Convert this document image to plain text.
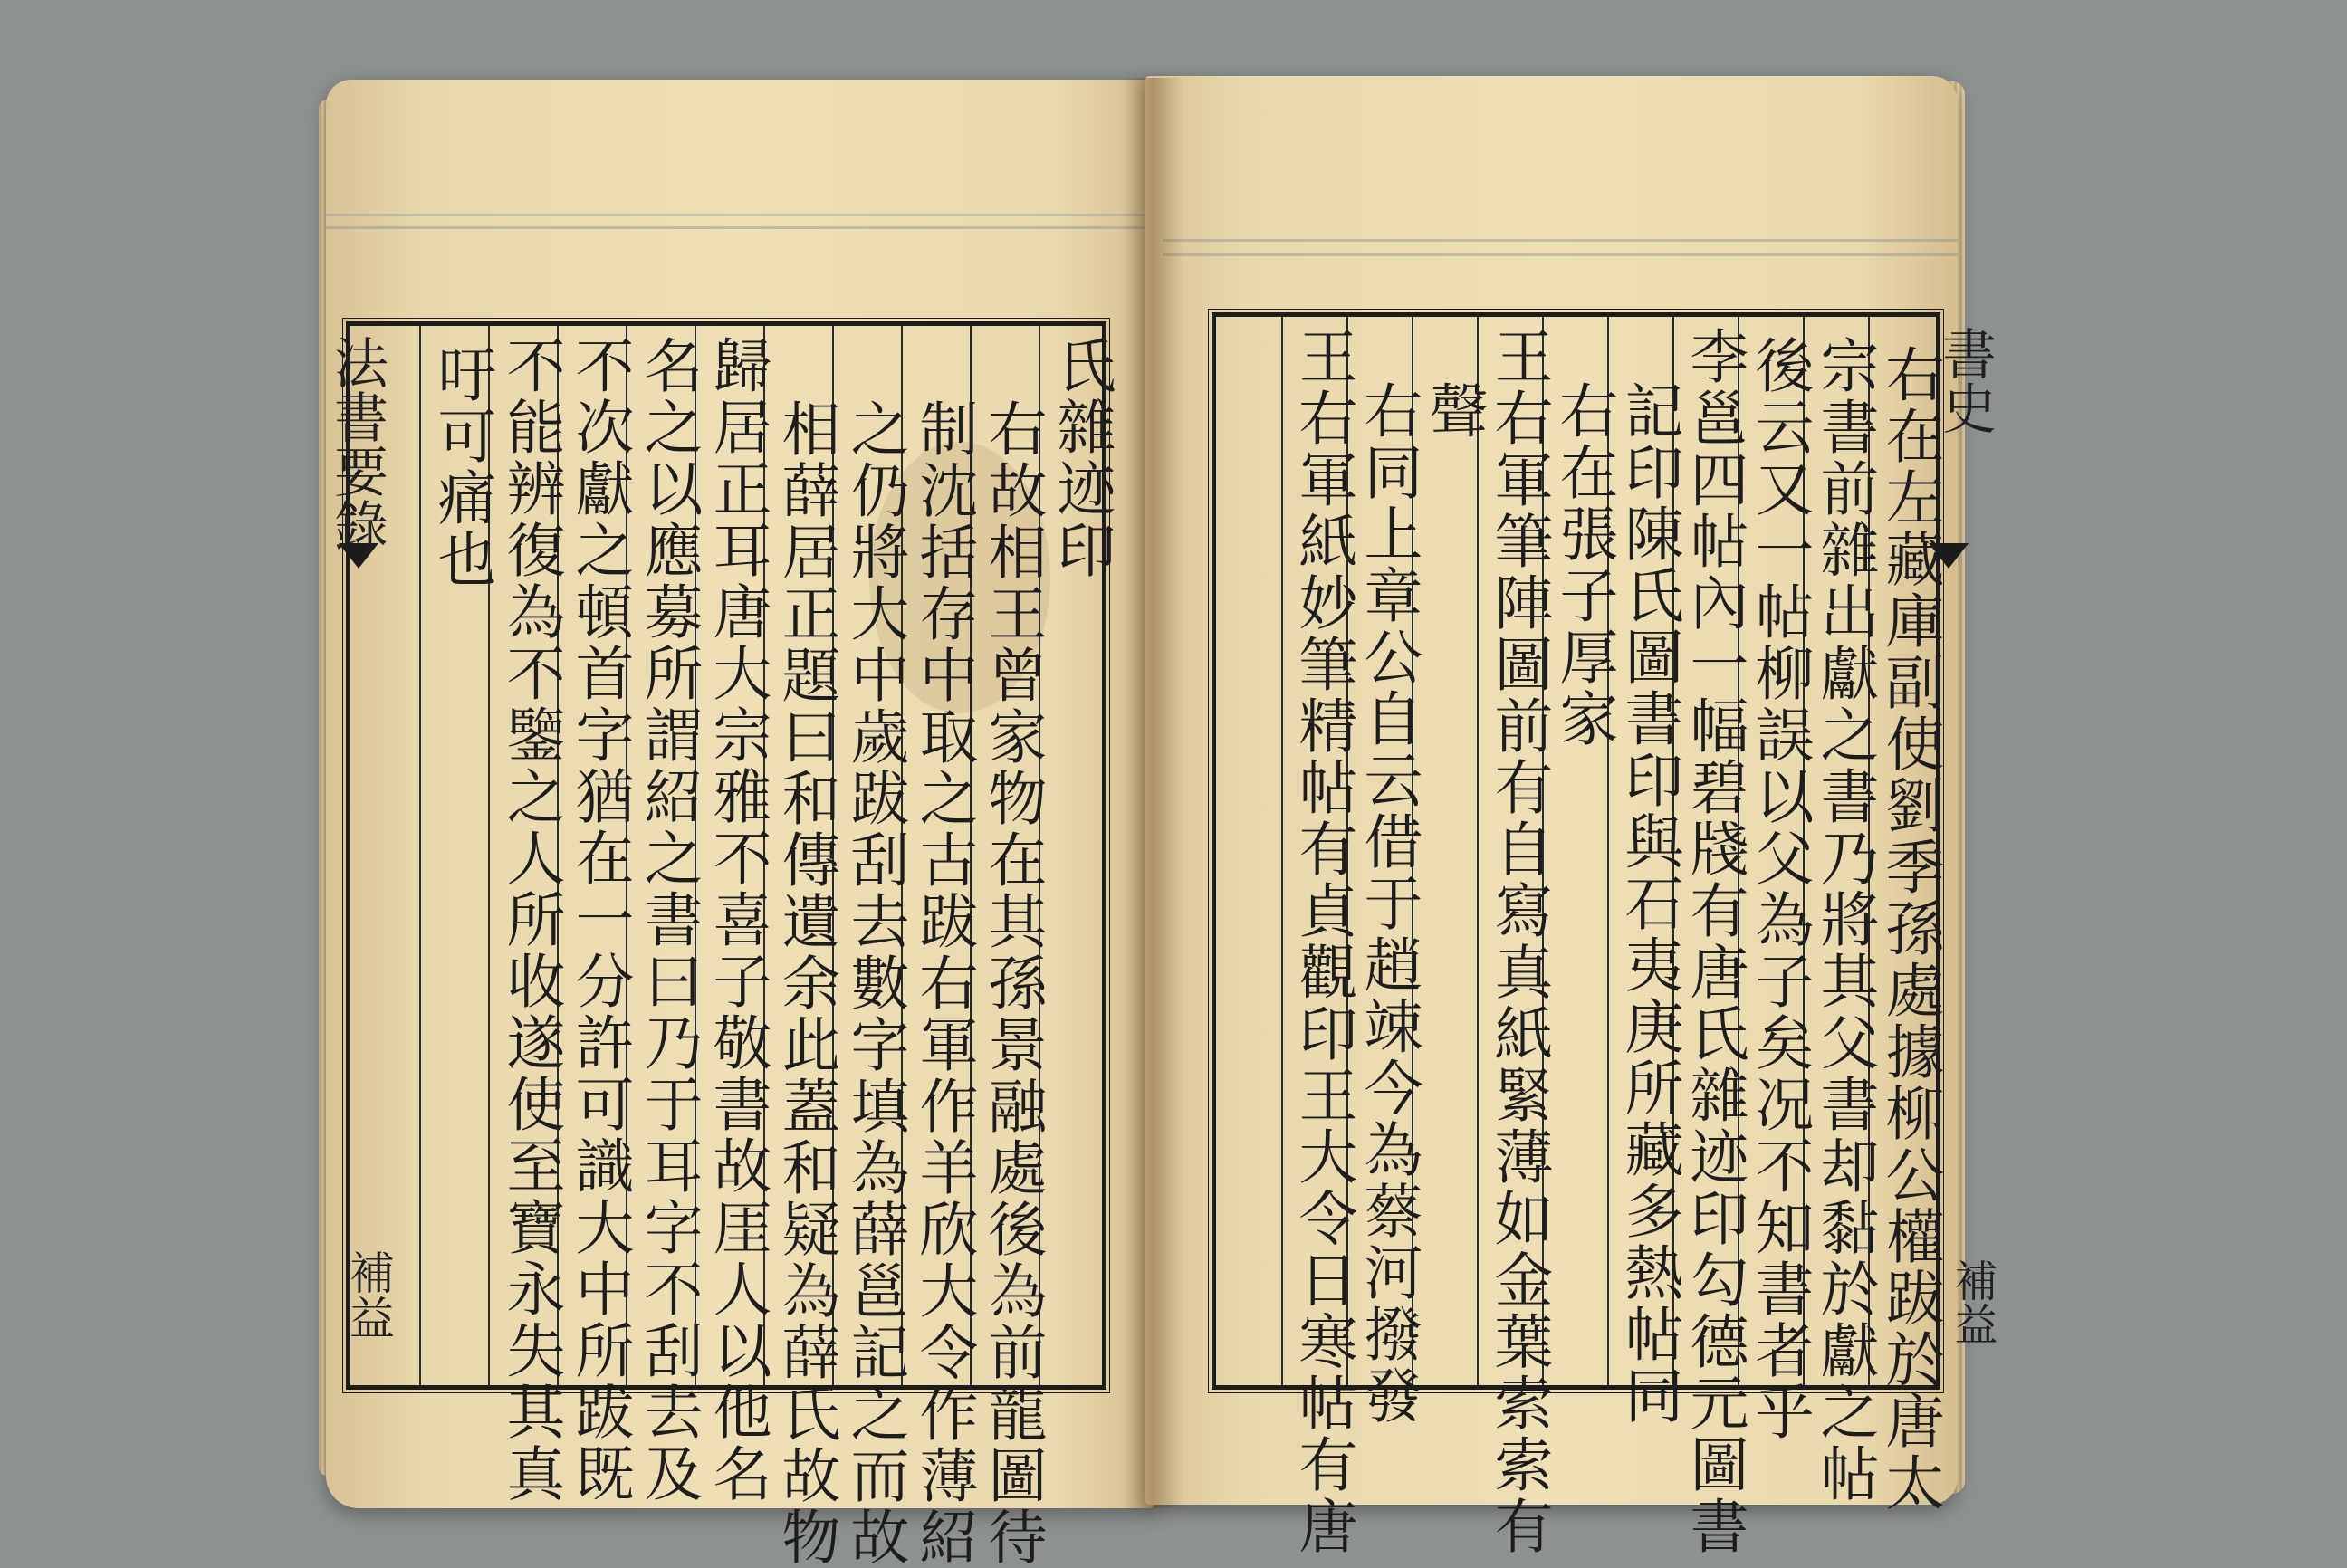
氏雜迹印
右故相王曾家物在其孫景融處後為前龍圖待
制沈括存中取之古跋右軍作羊欣大令作薄紹
之仍將大中歲跋刮去數字填為薛邕記之而故
相薛居正題曰和傳遺余此蓋和疑為薛氏故物
歸居正耳唐大宗雅不喜子敬書故厓人以他名
名之以應募所謂紹之書曰乃于耳字不刮去及
不次獻之頓首字猶在一分許可識大中所跋既
不能辨復為不鑒之人所收遂使至寶永失其真
吁可痛也
法書要錄
補益	右在左藏庫副使劉季孫處據柳公權跋於唐太
宗書前雜出獻之書乃將其父書却黏於獻之帖
後云又一帖柳誤以父為子矣况不知書者乎
李邕四帖內一幅碧牋有唐氏雜迹印勾德元圖書
記印陳氏圖書印與石夷庚所藏多熱帖同
右在張子厚家
王右軍筆陣圖前有自寫真紙緊薄如金葉索索有
聲
右同上章公自云借于趙竦今為蔡河撥發
王右軍紙妙筆精帖有貞觀印王大令日寒帖有唐	書史
補益
